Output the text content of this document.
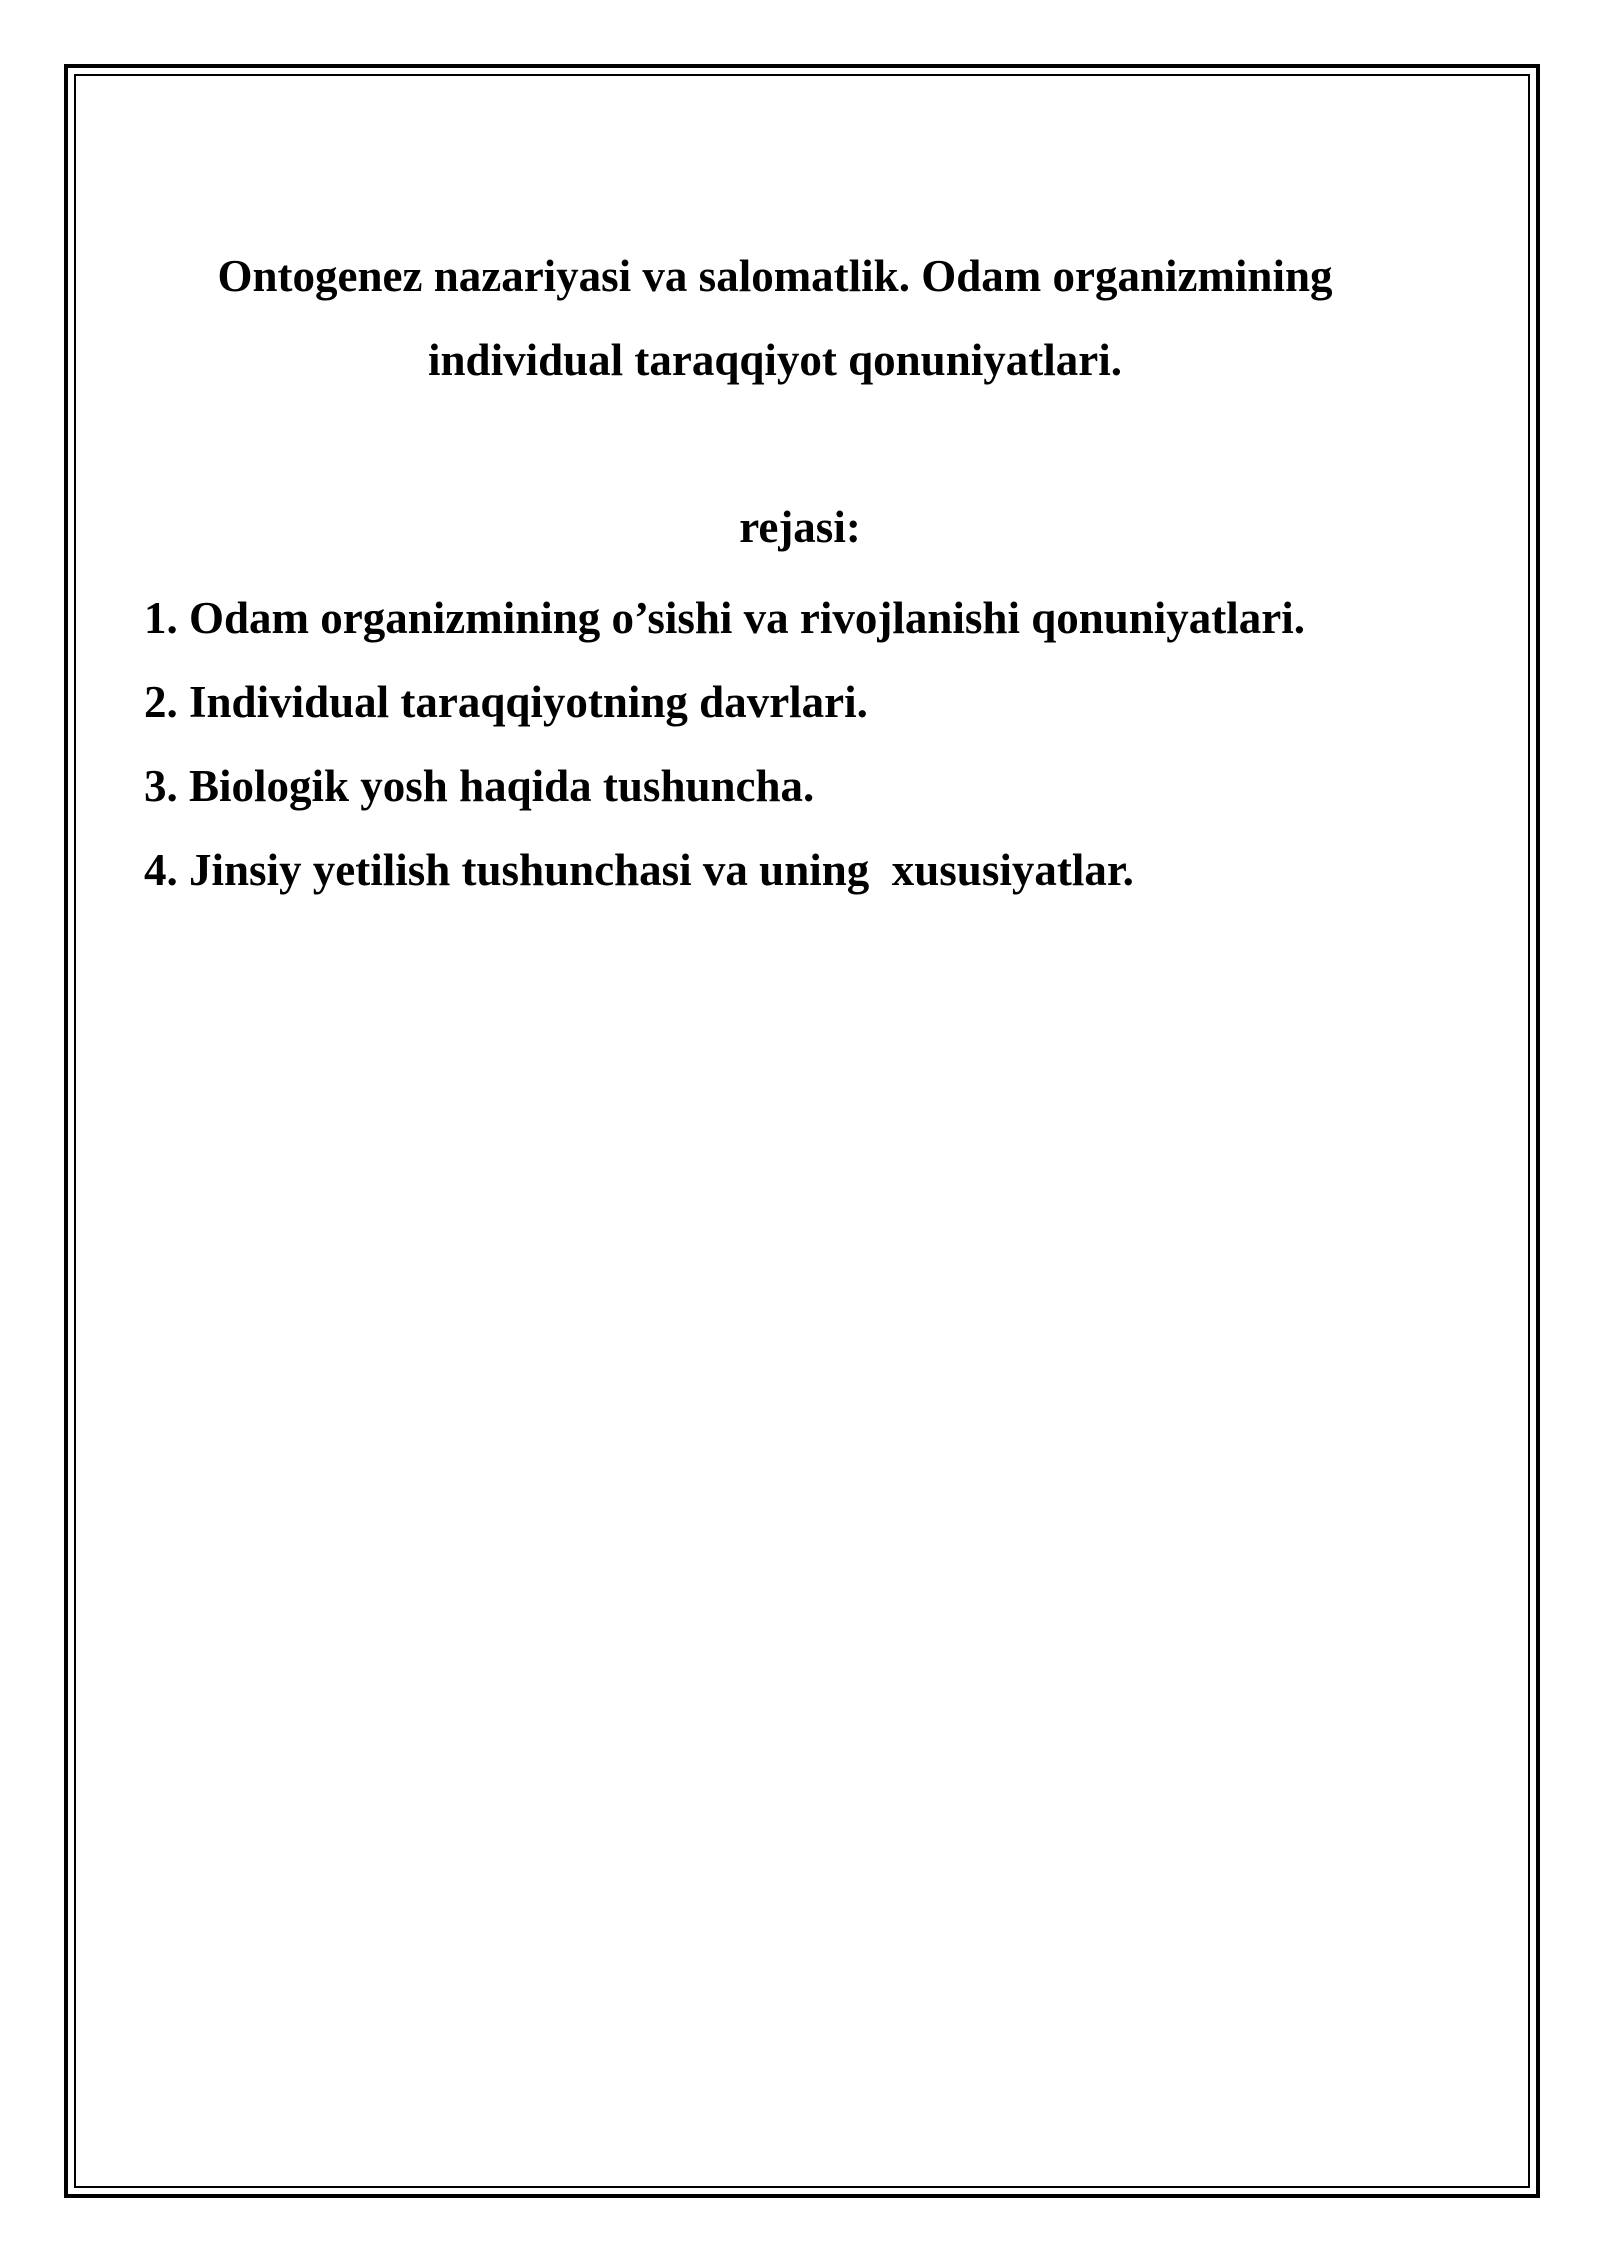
Ontogenez nazariyasi va salomatlik. Odam organizmining
individual taraqqiyot qonuniyatlari.
rejasi:
1. Odam organizmining o’sishi va rivojlanishi qonuniyatlari.
2. Individual taraqqiyotning davrlari.
3. Biologik yosh haqida tushuncha.
4. Jinsiy yetilish tushunchasi va uning  xususiyatlar.
